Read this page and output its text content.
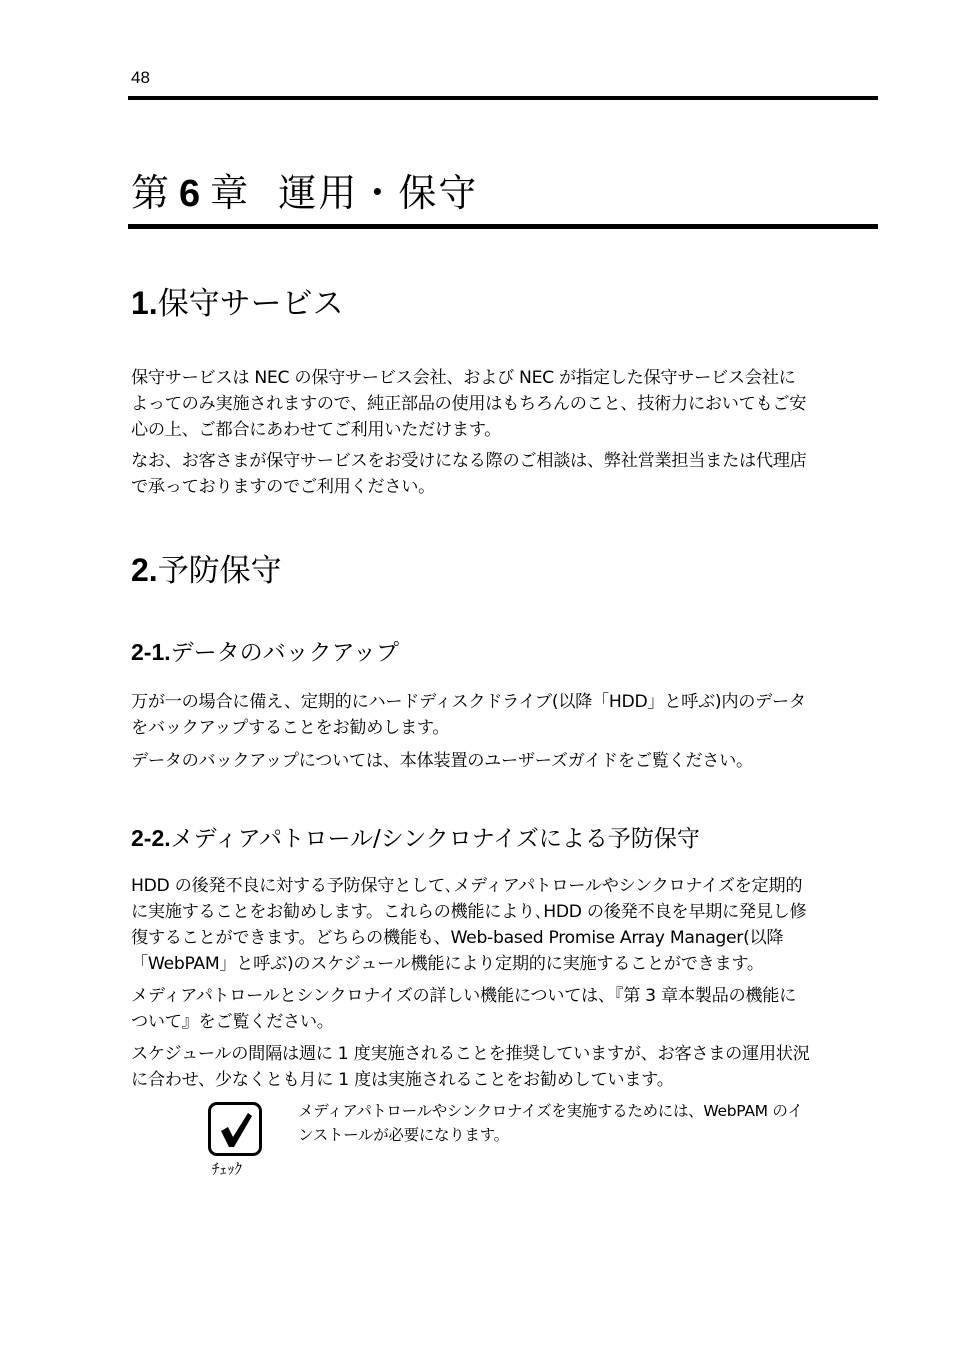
48
第 6 章 運用・保守
1.保守サービス

保守サービスは NEC の保守サービス会社、および NEC が指定した保守サービス会社に
よってのみ実施されますので、純正部品の使用はもちろんのこと、技術力においてもご安
心の上、ご都合にあわせてご利用いただけます。

なお、お客さまが保守サービスをお受けになる際のご相談は、弊社営業担当または代理店
で承っておりますのでご利用ください。

2.予防保守
2-1.データのバックアップ

万が一の場合に備え、定期的にハードディスクドライブ(以降「HDD」と呼ぶ)内のデータ
をバックアップすることをお勧めします。

データのバックアップについては、本体装置のユーザーズガイドをご覧ください。

2-2.メディアパトロール/シンクロナイズによる予防保守

HDD の後発不良に対する予防保守として､メディアパトロールやシンクロナイズを定期的
に実施することをお勧めします。これらの機能により､HDD の後発不良を早期に発見し修
復することができます。どちらの機能も、Web-based Promise Array Manager(以降
「WebPAM」と呼ぶ)のスケジュール機能により定期的に実施することができます。

メディアパトロールとシンクロナイズの詳しい機能については、『第 3 章本製品の機能に
ついて』をご覧ください。

スケジュールの間隔は週に 1 度実施されることを推奨していますが、お客さまの運用状況
に合わせ、少なくとも月に 1 度は実施されることをお勧めしています。

ﾁｪｯｸ
メディアパトロールやシンクロナイズを実施するためには、WebPAM のイ
ンストールが必要になります。
